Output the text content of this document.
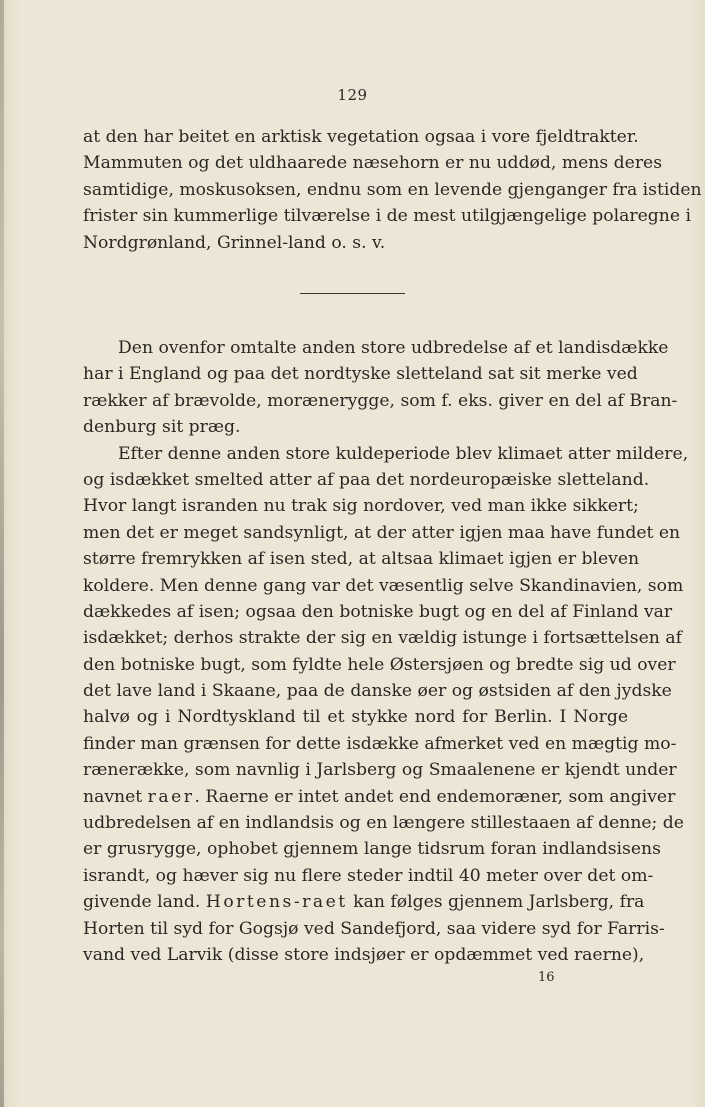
129
at den har beitet en arktisk vegetation ogsaa i vore fjeldtrakter.
Mammuten og det uldhaarede næsehorn er nu uddød, mens deres
samtidige, moskusoksen, endnu som en levende gjenganger fra istiden
frister sin kummerlige tilværelse i de mest utilgjængelige polaregne i
Nordgrønland, Grinnel-land o. s. v.
Den ovenfor omtalte anden store udbredelse af et landisdække
har i England og paa det nordtyske sletteland sat sit merke ved
rækker af brævolde, morænerygge, som f. eks. giver en del af Bran-
denburg sit præg.
Efter denne anden store kuldeperiode blev klimaet atter mildere,
og isdækket smelted atter af paa det nordeuropæiske sletteland.
Hvor langt isranden nu trak sig nordover, ved man ikke sikkert;
men det er meget sandsynligt, at der atter igjen maa have fundet en
større fremrykken af isen sted, at altsaa klimaet igjen er bleven
koldere. Men denne gang var det væsentlig selve Skandinavien, som
dækkedes af isen; ogsaa den botniske bugt og en del af Finland var
isdækket; derhos strakte der sig en vældig istunge i fortsættelsen af
den botniske bugt, som fyldte hele Østersjøen og bredte sig ud over
det lave land i Skaane, paa de danske øer og østsiden af den jydske
halvø og i Nordtyskland til et stykke nord for Berlin. I Norge
finder man grænsen for dette isdække afmerket ved en mægtig mo-
rænerække, som navnlig i Jarlsberg og Smaalenene er kjendt under
navnet raer. Raerne er intet andet end endemoræner, som angiver
udbredelsen af en indlandsis og en længere stillestaaen af denne; de
er grusrygge, ophobet gjennem lange tidsrum foran indlandsisens
israndt, og hæver sig nu flere steder indtil 40 meter over det om-
givende land. Hortens-raet kan følges gjennem Jarlsberg, fra
Horten til syd for Gogsjø ved Sandefjord, saa videre syd for Farris-
vand ved Larvik (disse store indsjøer er opdæmmet ved raerne),
16
